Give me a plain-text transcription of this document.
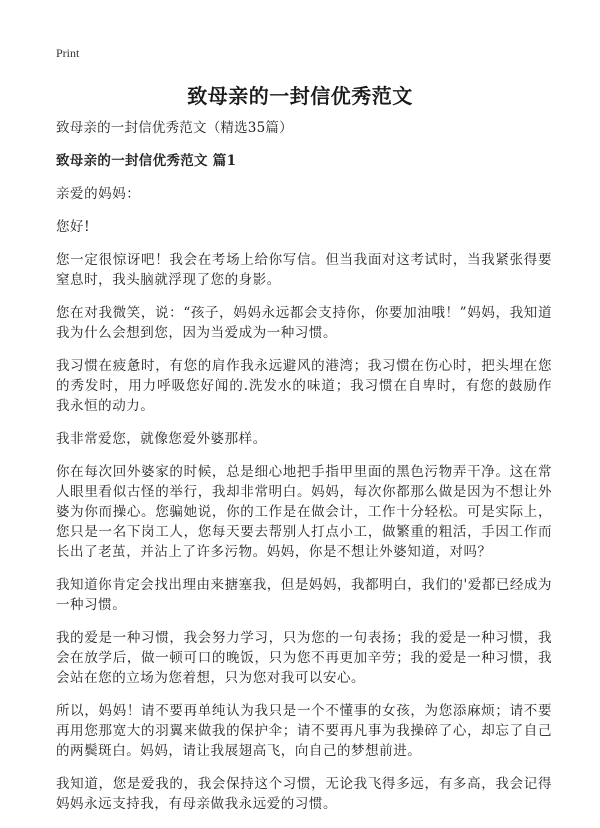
Print
致母亲的一封信优秀范文

致母亲的一封信优秀范文（精选35篇）

致母亲的一封信优秀范文 篇1

亲爱的妈妈：

您好!

您一定很惊讶吧！我会在考场上给你写信。但当我面对这考试时，当我紧张得要窒息时，我头脑就浮现了您的身影。

您在对我微笑，说：“孩子，妈妈永远都会支持你，你要加油哦！”妈妈，我知道我为什么会想到您，因为当爱成为一种习惯。

我习惯在疲惫时，有您的肩作我永远避风的港湾；我习惯在伤心时，把头埋在您的秀发时，用力呼吸您好闻的.洗发水的味道；我习惯在自卑时，有您的鼓励作我永恒的动力。

我非常爱您，就像您爱外婆那样。

你在每次回外婆家的时候，总是细心地把手指甲里面的黑色污物弄干净。这在常人眼里看似古怪的举行，我却非常明白。妈妈，每次你都那么做是因为不想让外婆为你而操心。您骗她说，你的工作是在做会计，工作十分轻松。可是实际上，您只是一名下岗工人，您每天要去帮别人打点小工，做繁重的粗活，手因工作而长出了老茧，并沾上了许多污物。妈妈，你是不想让外婆知道，对吗？

我知道你肯定会找出理由来搪塞我，但是妈妈，我都明白，我们的'爱都已经成为一种习惯。

我的爱是一种习惯，我会努力学习，只为您的一句表扬；我的爱是一种习惯，我会在放学后，做一顿可口的晚饭，只为您不再更加辛劳；我的爱是一种习惯，我会站在您的立场为您着想，只为您对我可以安心。

所以，妈妈！请不要再单纯认为我只是一个不懂事的女孩，为您添麻烦；请不要再用您那宽大的羽翼来做我的保护伞；请不要再凡事为我操碎了心，却忘了自己的两鬓斑白。妈妈，请让我展翅高飞，向自己的梦想前进。

我知道，您是爱我的，我会保持这个习惯，无论我飞得多远，有多高，我会记得妈妈永远支持我，有母亲做我永远爱的习惯。
